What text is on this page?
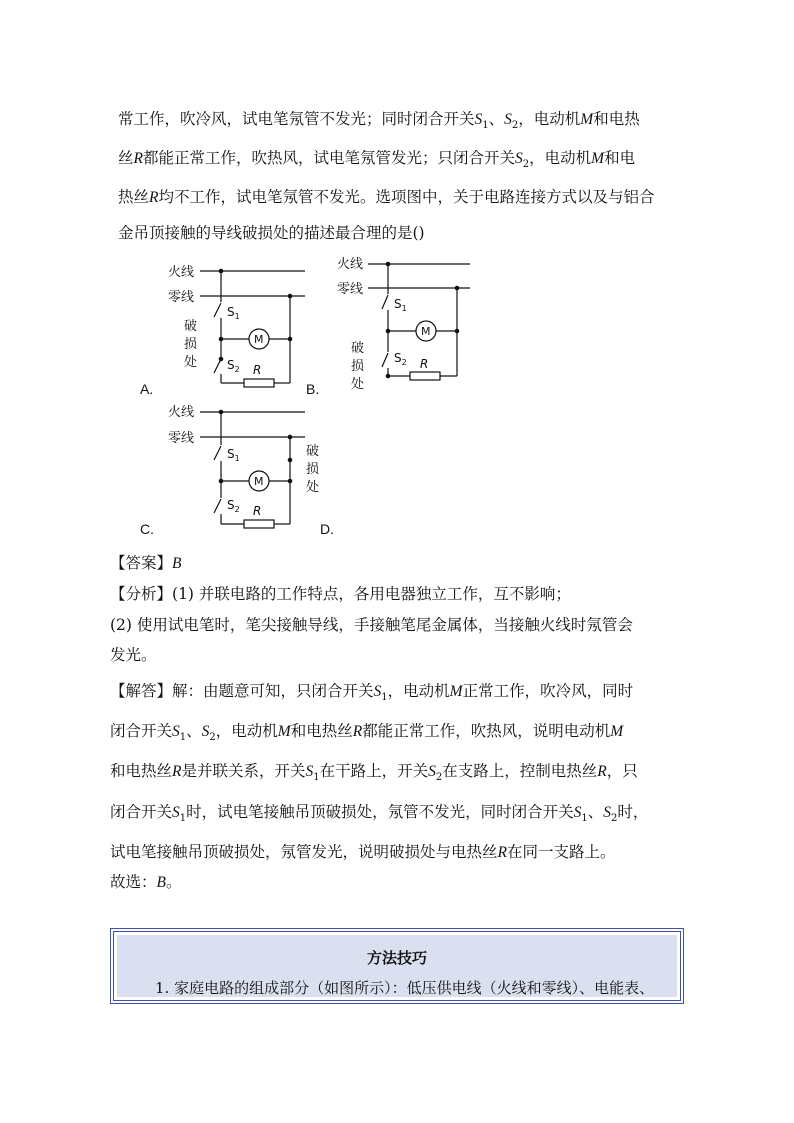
常工作，吹冷风，试电笔氖管不发光；同时闭合开关$S_1$、$S_2$，电动机M和电热
丝R都能正常工作，吹热风，试电笔氖管发光；只闭合开关$S_2$，电动机M和电
热丝R均不工作，试电笔氖管不发光。选项图中，关于电路连接方式以及与铝合
金吊顶接触的导线破损处的描述最合理的是()
火线
零线
$S_1$
$S_2$
M
R
破
损
处
火线
零线
$S_1$
$S_2$
M
R
破
损
处
火线
零线
$S_1$
$S_2$
M
R
破
损
处
A.	B.
C.	D.
【答案】B
【分析】(1) 并联电路的工作特点，各用电器独立工作，互不影响；
(2) 使用试电笔时，笔尖接触导线，手接触笔尾金属体，当接触火线时氖管会
发光。
【解答】解：由题意可知，只闭合开关$S_1$，电动机M正常工作，吹冷风，同时
闭合开关$S_1$、$S_2$，电动机M和电热丝R都能正常工作，吹热风，说明电动机M
和电热丝R是并联关系，开关$S_1$在干路上，开关$S_2$在支路上，控制电热丝R，只
闭合开关$S_1$时，试电笔接触吊顶破损处，氖管不发光，同时闭合开关$S_1$、$S_2$时，
试电笔接触吊顶破损处，氖管发光，说明破损处与电热丝R在同一支路上。
故选：B。
方法技巧
1. 家庭电路的组成部分（如图所示）：低压供电线（火线和零线）、电能表、
